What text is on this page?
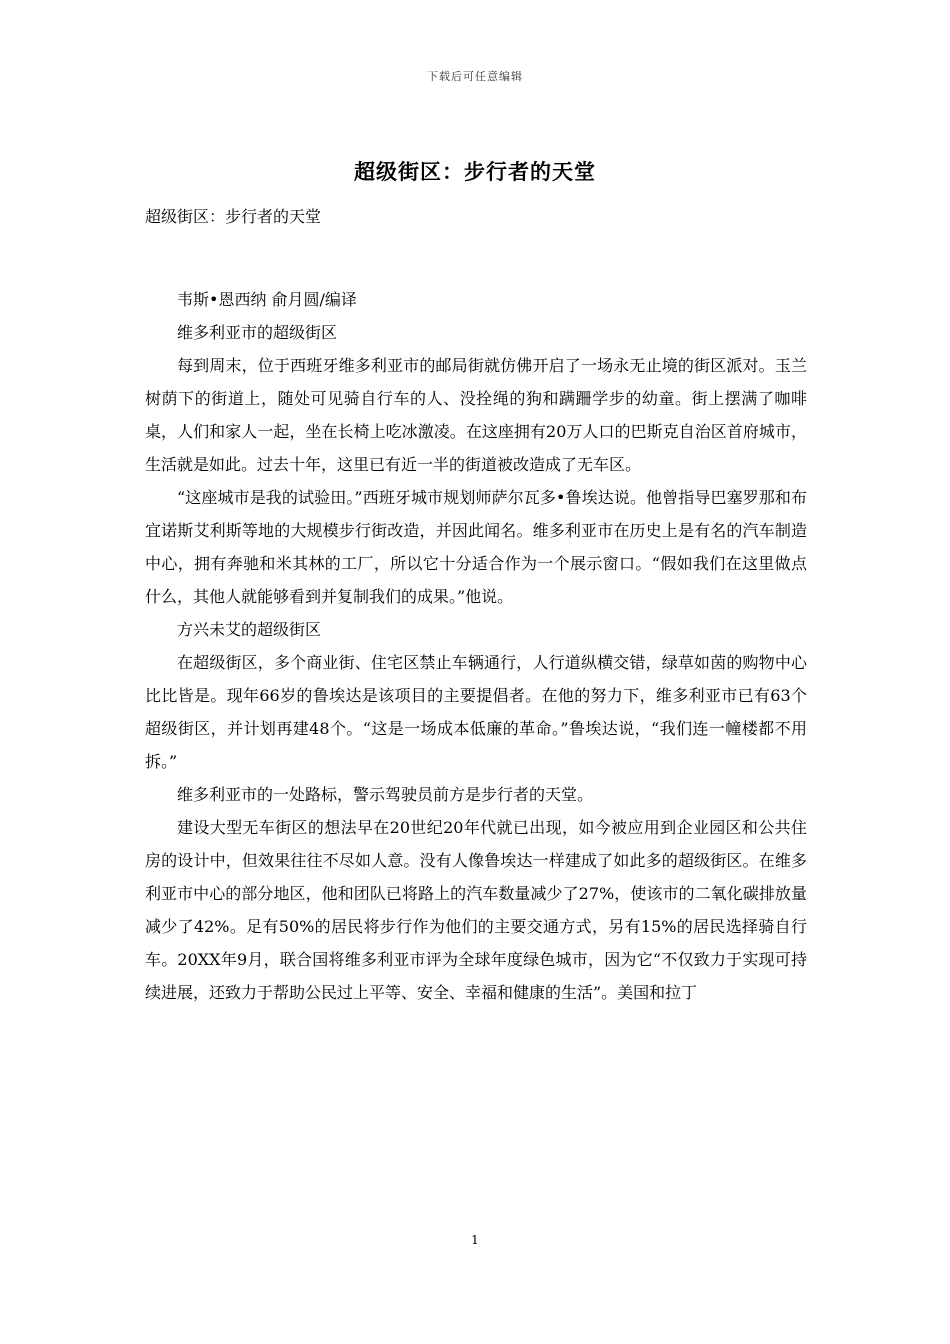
下载后可任意编辑
超级街区：步行者的天堂

超级街区：步行者的天堂

韦斯•恩西纳 俞月圆/编译

维多利亚市的超级街区

每到周末，位于西班牙维多利亚市的邮局街就仿佛开启了一场永无止境的街区派对。玉兰树荫下的街道上，随处可见骑自行车的人、没拴绳的狗和蹒跚学步的幼童。街上摆满了咖啡桌，人们和家人一起，坐在长椅上吃冰激凌。在这座拥有20万人口的巴斯克自治区首府城市，生活就是如此。过去十年，这里已有近一半的街道被改造成了无车区。

“这座城市是我的试验田。”西班牙城市规划师萨尔瓦多•鲁埃达说。他曾指导巴塞罗那和布宜诺斯艾利斯等地的大规模步行街改造，并因此闻名。维多利亚市在历史上是有名的汽车制造中心，拥有奔驰和米其林的工厂，所以它十分适合作为一个展示窗口。“假如我们在这里做点什么，其他人就能够看到并复制我们的成果。”他说。

方兴未艾的超级街区

在超级街区，多个商业街、住宅区禁止车辆通行，人行道纵横交错，绿草如茵的购物中心比比皆是。现年66岁的鲁埃达是该项目的主要提倡者。在他的努力下，维多利亚市已有63个超级街区，并计划再建48个。“这是一场成本低廉的革命。”鲁埃达说，“我们连一幢楼都不用拆。”

维多利亚市的一处路标，警示驾驶员前方是步行者的天堂。

建设大型无车街区的想法早在20世纪20年代就已出现，如今被应用到企业园区和公共住房的设计中，但效果往往不尽如人意。没有人像鲁埃达一样建成了如此多的超级街区。在维多利亚市中心的部分地区，他和团队已将路上的汽车数量减少了27%，使该市的二氧化碳排放量减少了42%。足有50%的居民将步行作为他们的主要交通方式，另有15%的居民选择骑自行车。20XX年9月，联合国将维多利亚市评为全球年度绿色城市，因为它“不仅致力于实现可持续进展，还致力于帮助公民过上平等、安全、幸福和健康的生活”。美国和拉丁

1
